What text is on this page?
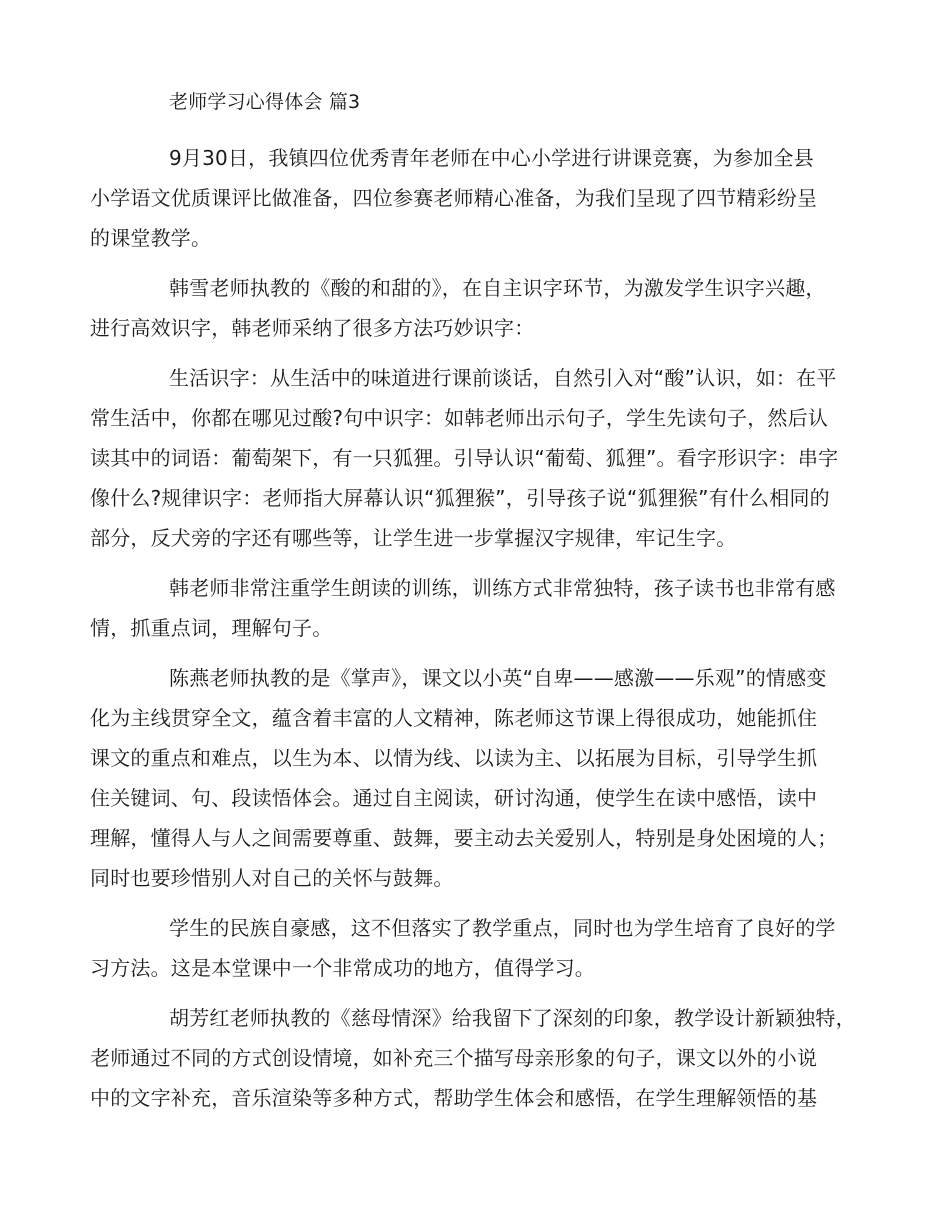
老师学习心得体会 篇3
9月30日，我镇四位优秀青年老师在中心小学进行讲课竞赛，为参加全县
小学语文优质课评比做准备，四位参赛老师精心准备，为我们呈现了四节精彩纷呈
的课堂教学。
韩雪老师执教的《酸的和甜的》，在自主识字环节，为激发学生识字兴趣，
进行高效识字，韩老师采纳了很多方法巧妙识字：
生活识字：从生活中的味道进行课前谈话，自然引入对“酸”认识，如：在平
常生活中，你都在哪见过酸?句中识字：如韩老师出示句子，学生先读句子，然后认
读其中的词语：葡萄架下，有一只狐狸。引导认识“葡萄、狐狸”。看字形识字：串字
像什么?规律识字：老师指大屏幕认识“狐狸猴”，引导孩子说“狐狸猴”有什么相同的
部分，反犬旁的字还有哪些等，让学生进一步掌握汉字规律，牢记生字。
韩老师非常注重学生朗读的训练，训练方式非常独特，孩子读书也非常有感
情，抓重点词，理解句子。
陈燕老师执教的是《掌声》，课文以小英“自卑——感激——乐观”的情感变
化为主线贯穿全文，蕴含着丰富的人文精神，陈老师这节课上得很成功，她能抓住
课文的重点和难点，以生为本、以情为线、以读为主、以拓展为目标，引导学生抓
住关键词、句、段读悟体会。通过自主阅读，研讨沟通，使学生在读中感悟，读中
理解，懂得人与人之间需要尊重、鼓舞，要主动去关爱别人，特别是身处困境的人；
同时也要珍惜别人对自己的关怀与鼓舞。
学生的民族自豪感，这不但落实了教学重点，同时也为学生培育了良好的学
习方法。这是本堂课中一个非常成功的地方，值得学习。
胡芳红老师执教的《慈母情深》给我留下了深刻的印象，教学设计新颖独特，
老师通过不同的方式创设情境，如补充三个描写母亲形象的句子，课文以外的小说
中的文字补充，音乐渲染等多种方式，帮助学生体会和感悟，在学生理解领悟的基
